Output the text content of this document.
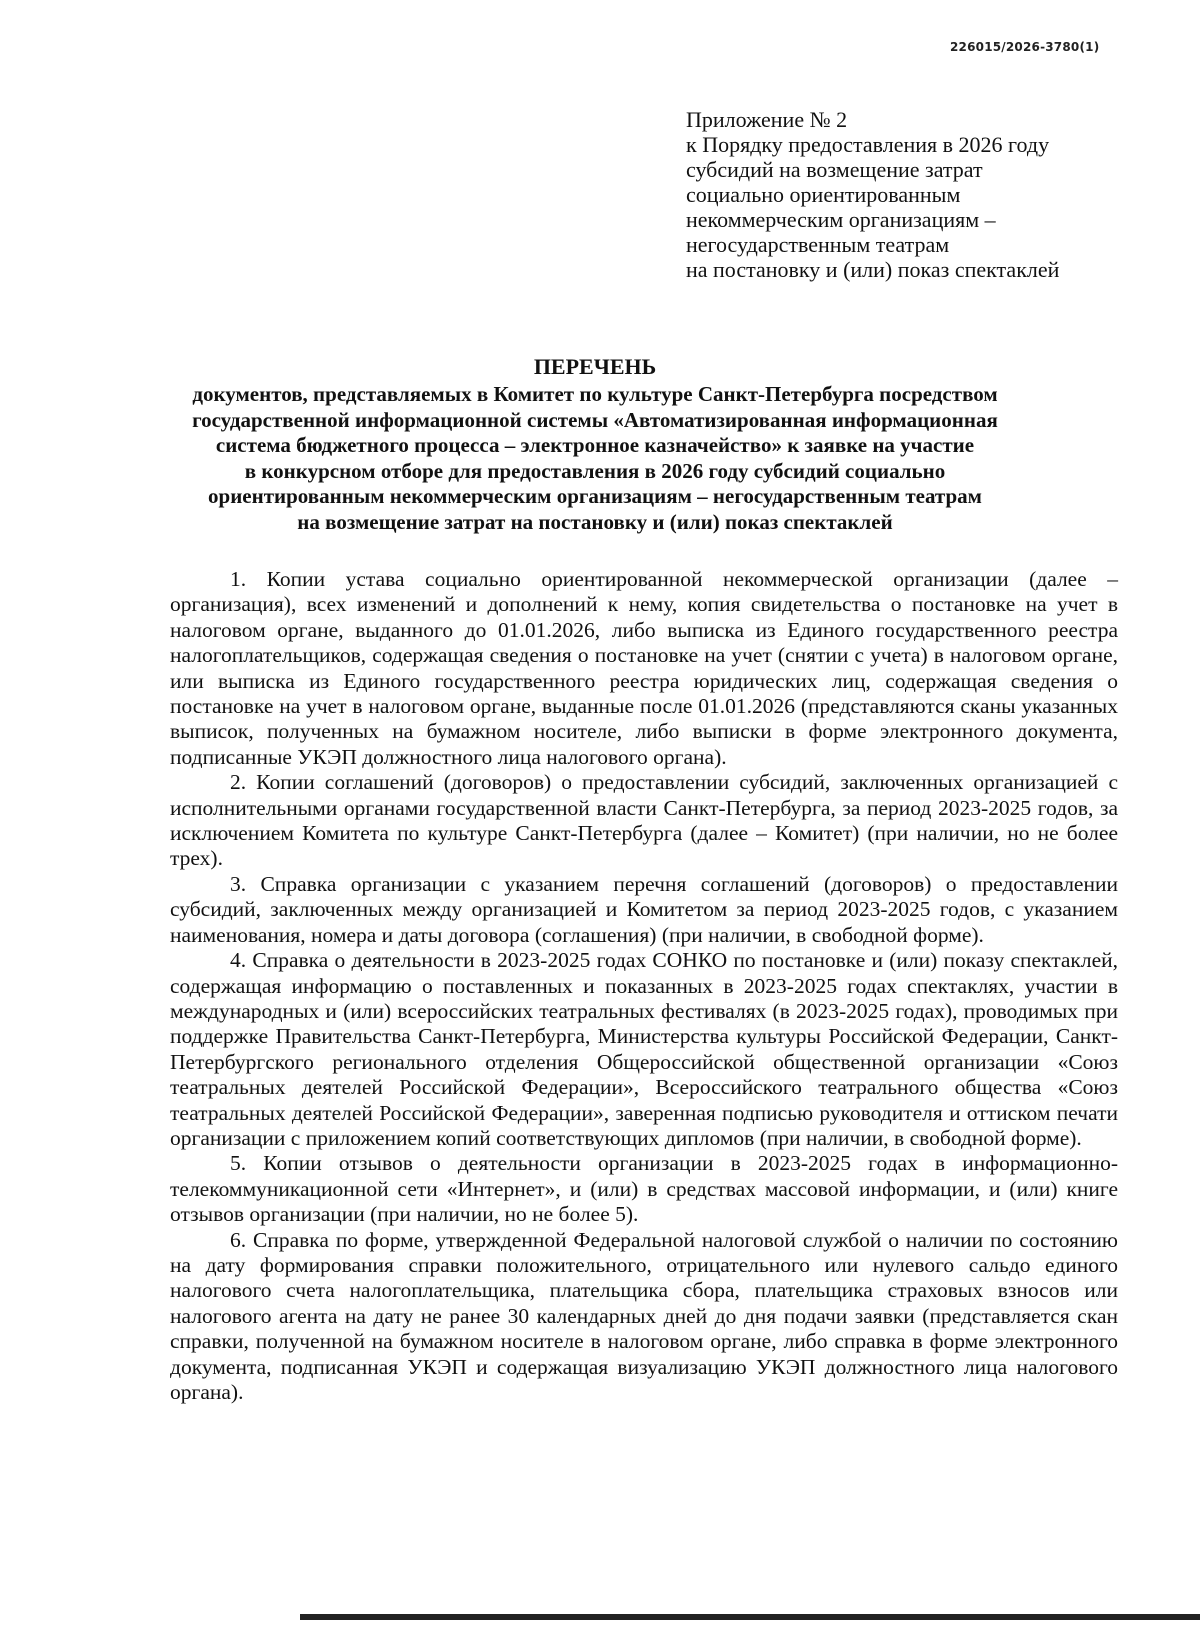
226015/2026-3780(1)
Приложение № 2
к Порядку предоставления в 2026 году
субсидий на возмещение затрат
социально ориентированным
некоммерческим организациям –
негосударственным театрам
на постановку и (или) показ спектаклей
ПЕРЕЧЕНЬ
документов, представляемых в Комитет по культуре Санкт-Петербурга посредством
государственной информационной системы «Автоматизированная информационная
система бюджетного процесса – электронное казначейство» к заявке на участие
в конкурсном отборе для предоставления в 2026 году субсидий социально
ориентированным некоммерческим организациям – негосударственным театрам
на возмещение затрат на постановку и (или) показ спектаклей

1. Копии устава социально ориентированной некоммерческой организации (далее – организация), всех изменений и дополнений к нему, копия свидетельства о постановке на учет в налоговом органе, выданного до 01.01.2026, либо выписка из Единого государственного реестра налогоплательщиков, содержащая сведения о постановке на учет (снятии с учета) в налоговом органе, или выписка из Единого государственного реестра юридических лиц, содержащая сведения о постановке на учет в налоговом органе, выданные после 01.01.2026 (представляются сканы указанных выписок, полученных на бумажном носителе, либо выписки в форме электронного документа, подписанные УКЭП должностного лица налогового органа).

2. Копии соглашений (договоров) о предоставлении субсидий, заключенных организацией с исполнительными органами государственной власти Санкт-Петербурга, за период 2023-2025 годов, за исключением Комитета по культуре Санкт-Петербурга (далее – Комитет) (при наличии, но не более трех).

3. Справка организации с указанием перечня соглашений (договоров) о предоставлении субсидий, заключенных между организацией и Комитетом за период 2023-2025 годов, с указанием наименования, номера и даты договора (соглашения) (при наличии, в свободной форме).

4. Справка о деятельности в 2023-2025 годах СОНКО по постановке и (или) показу спектаклей, содержащая информацию о поставленных и показанных в 2023-2025 годах спектаклях, участии в международных и (или) всероссийских театральных фестивалях (в 2023-2025 годах), проводимых при поддержке Правительства Санкт-Петербурга, Министерства культуры Российской Федерации, Санкт-Петербургского регионального отделения Общероссийской общественной организации «Союз театральных деятелей Российской Федерации», Всероссийского театрального общества «Союз театральных деятелей Российской Федерации», заверенная подписью руководителя и оттиском печати организации с приложением копий соответствующих дипломов (при наличии, в свободной форме).

5. Копии отзывов о деятельности организации в 2023-2025 годах в информационно-телекоммуникационной сети «Интернет», и (или) в средствах массовой информации, и (или) книге отзывов организации (при наличии, но не более 5).

6. Справка по форме, утвержденной Федеральной налоговой службой о наличии по состоянию на дату формирования справки положительного, отрицательного или нулевого сальдо единого налогового счета налогоплательщика, плательщика сбора, плательщика страховых взносов или налогового агента на дату не ранее 30 календарных дней до дня подачи заявки (представляется скан справки, полученной на бумажном носителе в налоговом органе, либо справка в форме электронного документа, подписанная УКЭП и содержащая визуализацию УКЭП должностного лица налогового органа).
